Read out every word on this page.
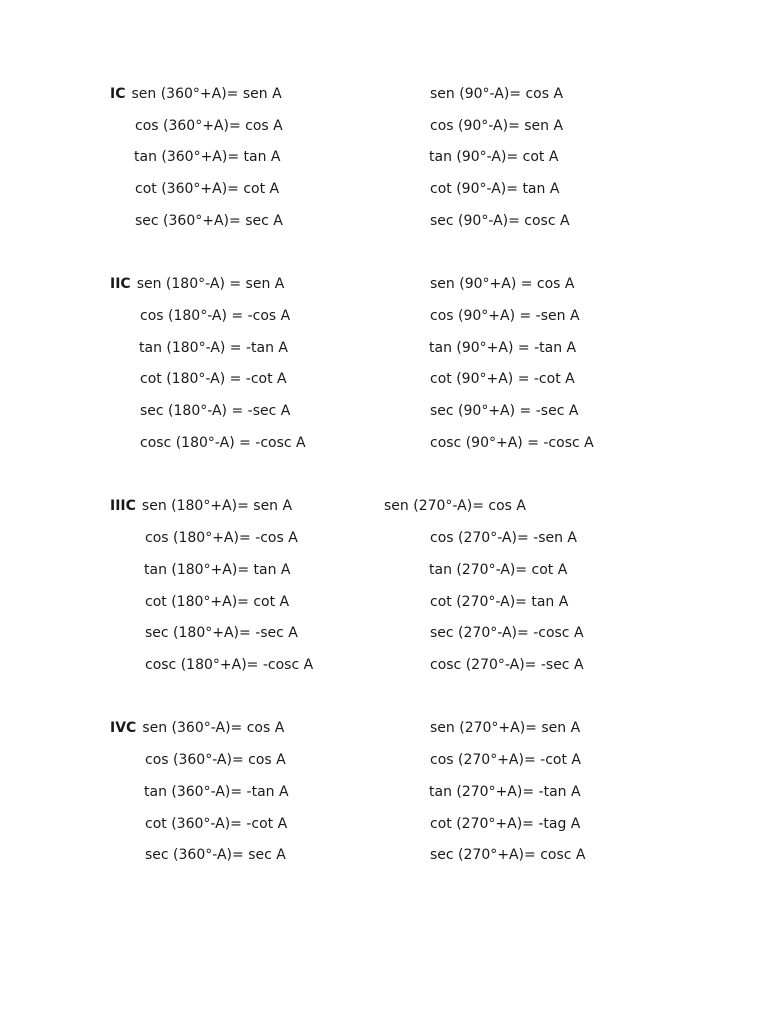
IC sen (360°+A)= sen A
cos (360°+A)= cos A
tan (360°+A)= tan A
cot (360°+A)= cot A
sec (360°+A)= sec A
sen (90°-A)= cos A
cos (90°-A)= sen A
tan (90°-A)= cot A
cot (90°-A)= tan A
sec (90°-A)= cosc A
IIC sen (180°-A) = sen A
cos (180°-A) = -cos A
tan (180°-A) = -tan A
cot (180°-A) = -cot A
sec (180°-A) = -sec A
cosc (180°-A) = -cosc A
sen (90°+A) = cos A
cos (90°+A) = -sen A
tan (90°+A) = -tan A
cot (90°+A) = -cot A
sec (90°+A) = -sec A
cosc (90°+A) = -cosc A
IIIC sen (180°+A)= sen A
cos (180°+A)= -cos A
tan (180°+A)= tan A
cot (180°+A)= cot A
sec (180°+A)= -sec A
cosc (180°+A)= -cosc A
sen (270°-A)= cos A
cos (270°-A)= -sen A
tan (270°-A)= cot A
cot (270°-A)= tan A
sec (270°-A)= -cosc A
cosc (270°-A)= -sec A
IVC sen (360°-A)= cos A
cos (360°-A)= cos A
tan (360°-A)= -tan A
cot (360°-A)= -cot A
sec (360°-A)= sec A
sen (270°+A)= sen A
cos (270°+A)= -cot A
tan (270°+A)= -tan A
cot (270°+A)= -tag A
sec (270°+A)= cosc A
